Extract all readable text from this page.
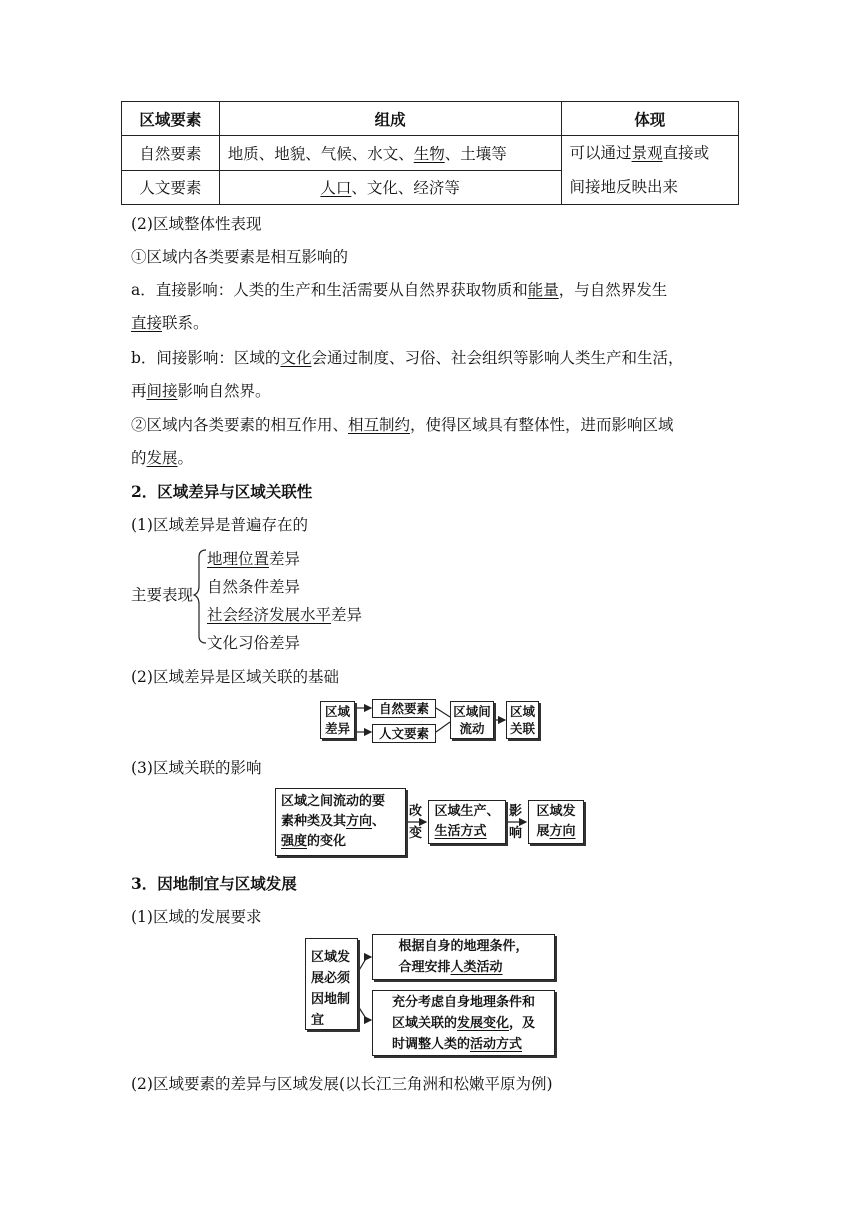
区域要素	组成	体现
自然要素	地质、地貌、气候、水文、生物、土壤等	可以通过景观直接或
间接地反映出来
人文要素	人口、文化、经济等	
(2)区域整体性表现
①区域内各类要素是相互影响的
a．直接影响：人类的生产和生活需要从自然界获取物质和能量，与自然界发生
直接联系。
b．间接影响：区域的文化会通过制度、习俗、社会组织等影响人类生产和生活，
再间接影响自然界。
②区域内各类要素的相互作用、相互制约，使得区域具有整体性，进而影响区域
的发展。
2．区域差异与区域关联性
(1)区域差异是普遍存在的
主要表现
地理位置差异
自然条件差异
社会经济发展水平差异
文化习俗差异
(2)区域差异是区域关联的基础
区域差异
自然要素
人文要素
区域间流动
区域关联
(3)区域关联的影响
区域之间流动的要
素种类及其方向、
强度的变化
改变
区域生产、
生活方式
影响
区域发
展方向
3．因地制宜与区域发展
(1)区域的发展要求
区域发展必须因地制宜
根据自身的地理条件，
合理安排人类活动
充分考虑自身地理条件和
区域关联的发展变化，及
时调整人类的活动方式
(2)区域要素的差异与区域发展(以长江三角洲和松嫩平原为例)
